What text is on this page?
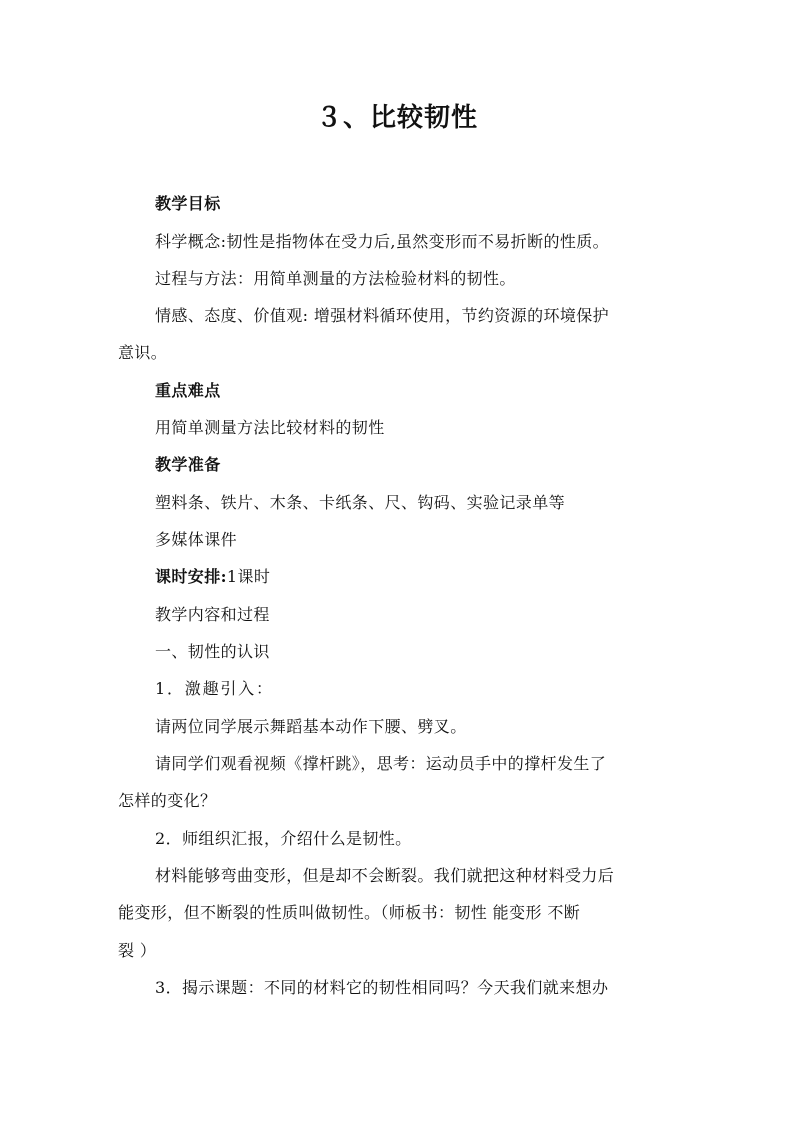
３、比较韧性
教学目标
科学概念:韧性是指物体在受力后,虽然变形而不易折断的性质。
过程与方法：用简单测量的方法检验材料的韧性。
情感、态度、价值观: 增强材料循环使用，节约资源的环境保护
意识。
重点难点
用简单测量方法比较材料的韧性
教学准备
塑料条、铁片、木条、卡纸条、尺、钩码、实验记录单等
多媒体课件
课时安排:1课时
教学内容和过程
一、韧性的认识
1．激趣引入：
请两位同学展示舞蹈基本动作下腰、劈叉。
请同学们观看视频《撑杆跳》，思考：运动员手中的撑杆发生了
怎样的变化？
2．师组织汇报，介绍什么是韧性。
材料能够弯曲变形，但是却不会断裂。我们就把这种材料受力后
能变形，但不断裂的性质叫做韧性。（师板书：韧性 能变形 不断
裂 ）
3．揭示课题：不同的材料它的韧性相同吗？今天我们就来想办
